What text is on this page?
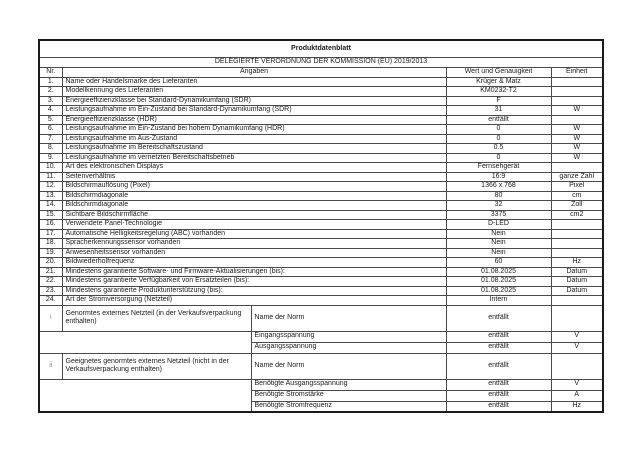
Produktdatenblatt				
DELEGIERTE VERORDNUNG DER KOMMISSION (EU) 2019/2013				
Nr.	Angaben		Wert und Genauigkeit	Einheit
1.	Name oder Handelsmarke des Lieferanten		Krüger & Matz	
2.	Modellkennung des Lieferanten		KM0232-T2	
3.	Energieeffizienzklasse bei Standard-Dynamikumfang (SDR)		F	
4.	Leistungsaufnahme im Ein-Zustand bei Standard-Dynamikumfang (SDR)		31	W
5.	Energieeffizienzklasse (HDR)		entfällt	
6.	Leistungsaufnahme im Ein-Zustand bei hohem Dynamikumfang (HDR)		0	W
7.	Leistungsaufnahme im Aus-Zustand		0	W
8.	Leistungsaufnahme im Bereitschaftszustand		0.5	W
9.	Leistungsaufnahme im vernetzten Bereitschaftsbetrieb		0	W
10.	Art des elektronischen Displays		Fernsehgerät	
11.	Seitenverhältnis		16:9	ganze Zahl
12.	Bildschirmauflösung (Pixel)		1366 x 768	Pixel
13.	Bildschirmdiagonale		80	cm
14.	Bildschirmdiagonale		32	Zoll
15.	Sichtbare Bildschirmfläche		3375	cm2
16.	Verwendete Panel-Technologie		D-LED	
17.	Automatische Helligkeitsregelung (ABC) vorhanden		Nein	
18.	Spracherkennungssensor vorhanden		Nein	
19.	Anwesenheitssensor vorhanden		Nein	
20.	Bildwiederholfrequenz		60	Hz
21.	Mindestens garantierte Software- und Firmware-Aktualisierungen (bis):		01.08.2025	Datum
22.	Mindestens garantierte Verfügbarkeit von Ersatzteilen (bis):		01.08.2025	Datum
23.	Mindestens garantierte Produktunterstützung (bis):		01.08.2025	Datum
24.	Art der Stromversorgung (Netzteil)		Intern	
i	Genormtes externes Netzteil (in der Verkaufsverpackung enthalten)	Name der Norm	entfällt	
		Eingangsspannung	entfällt	V
		Ausgangsspannung	entfällt	V
ii	Geeignetes genormtes externes Netzteil (nicht in der Verkaufsverpackung enthalten)	Name der Norm	entfällt	
		Benötigte Ausgangsspannung	entfällt	V
		Benötigte Stromstärke	entfällt	A
		Benötigte Stromfrequenz	entfällt	Hz
